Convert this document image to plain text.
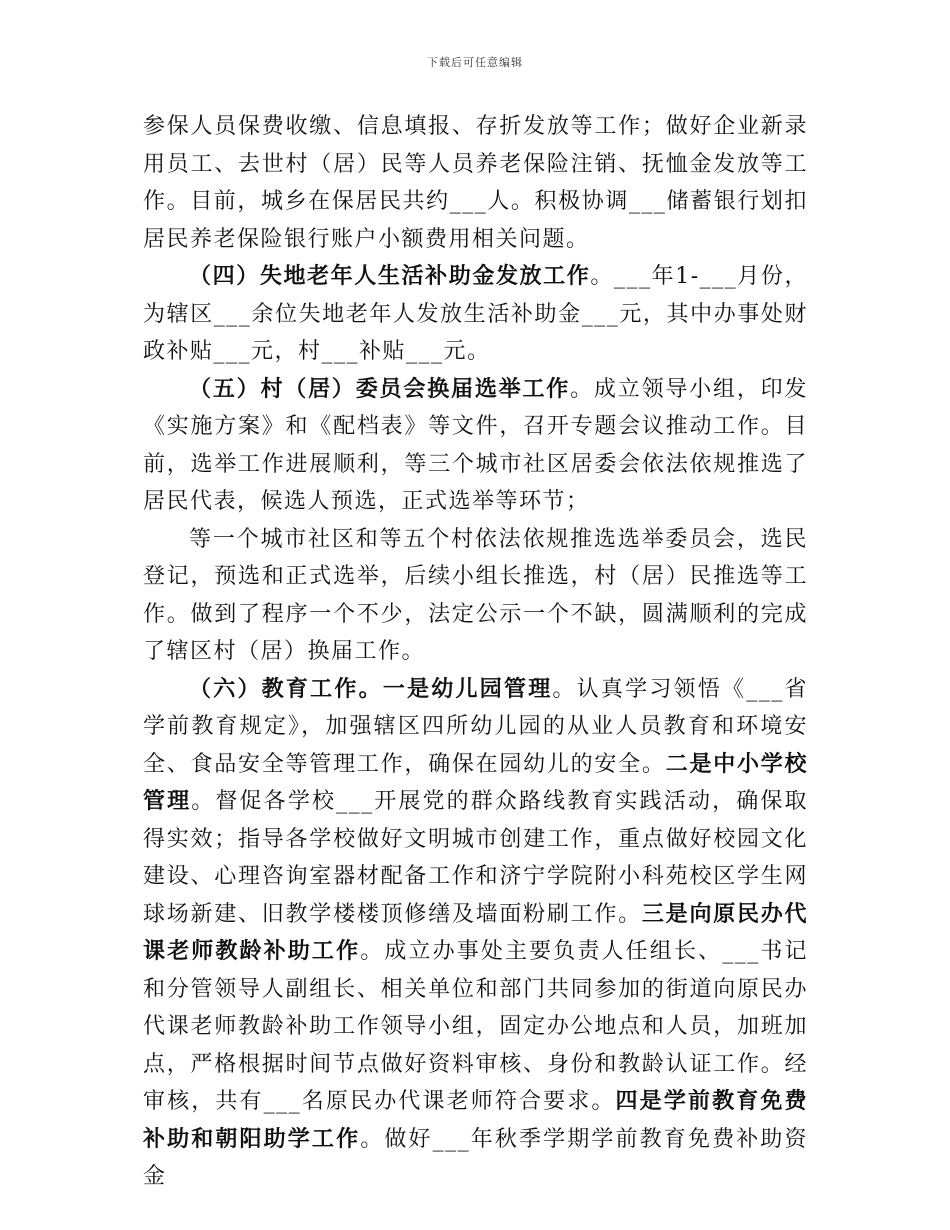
下载后可任意编辑

参保人员保费收缴、信息填报、存折发放等工作；做好企业新录用员工、去世村（居）民等人员养老保险注销、抚恤金发放等工作。目前，城乡在保居民共约___人。积极协调___储蓄银行划扣居民养老保险银行账户小额费用相关问题。

（四）失地老年人生活补助金发放工作。___年1-___月份，为辖区___余位失地老年人发放生活补助金___元，其中办事处财政补贴___元，村___补贴___元。

（五）村（居）委员会换届选举工作。成立领导小组，印发《实施方案》和《配档表》等文件，召开专题会议推动工作。目前，选举工作进展顺利，等三个城市社区居委会依法依规推选了居民代表，候选人预选，正式选举等环节；

等一个城市社区和等五个村依法依规推选选举委员会，选民登记，预选和正式选举，后续小组长推选，村（居）民推选等工作。做到了程序一个不少，法定公示一个不缺，圆满顺利的完成了辖区村（居）换届工作。

（六）教育工作。一是幼儿园管理。认真学习领悟《___省学前教育规定》，加强辖区四所幼儿园的从业人员教育和环境安全、食品安全等管理工作，确保在园幼儿的安全。二是中小学校管理。督促各学校___开展党的群众路线教育实践活动，确保取得实效；指导各学校做好文明城市创建工作，重点做好校园文化建设、心理咨询室器材配备工作和济宁学院附小科苑校区学生网球场新建、旧教学楼楼顶修缮及墙面粉刷工作。三是向原民办代课老师教龄补助工作。成立办事处主要负责人任组长、___书记和分管领导人副组长、相关单位和部门共同参加的街道向原民办代课老师教龄补助工作领导小组，固定办公地点和人员，加班加点，严格根据时间节点做好资料审核、身份和教龄认证工作。经审核，共有___名原民办代课老师符合要求。四是学前教育免费补助和朝阳助学工作。做好___年秋季学期学前教育免费补助资金
